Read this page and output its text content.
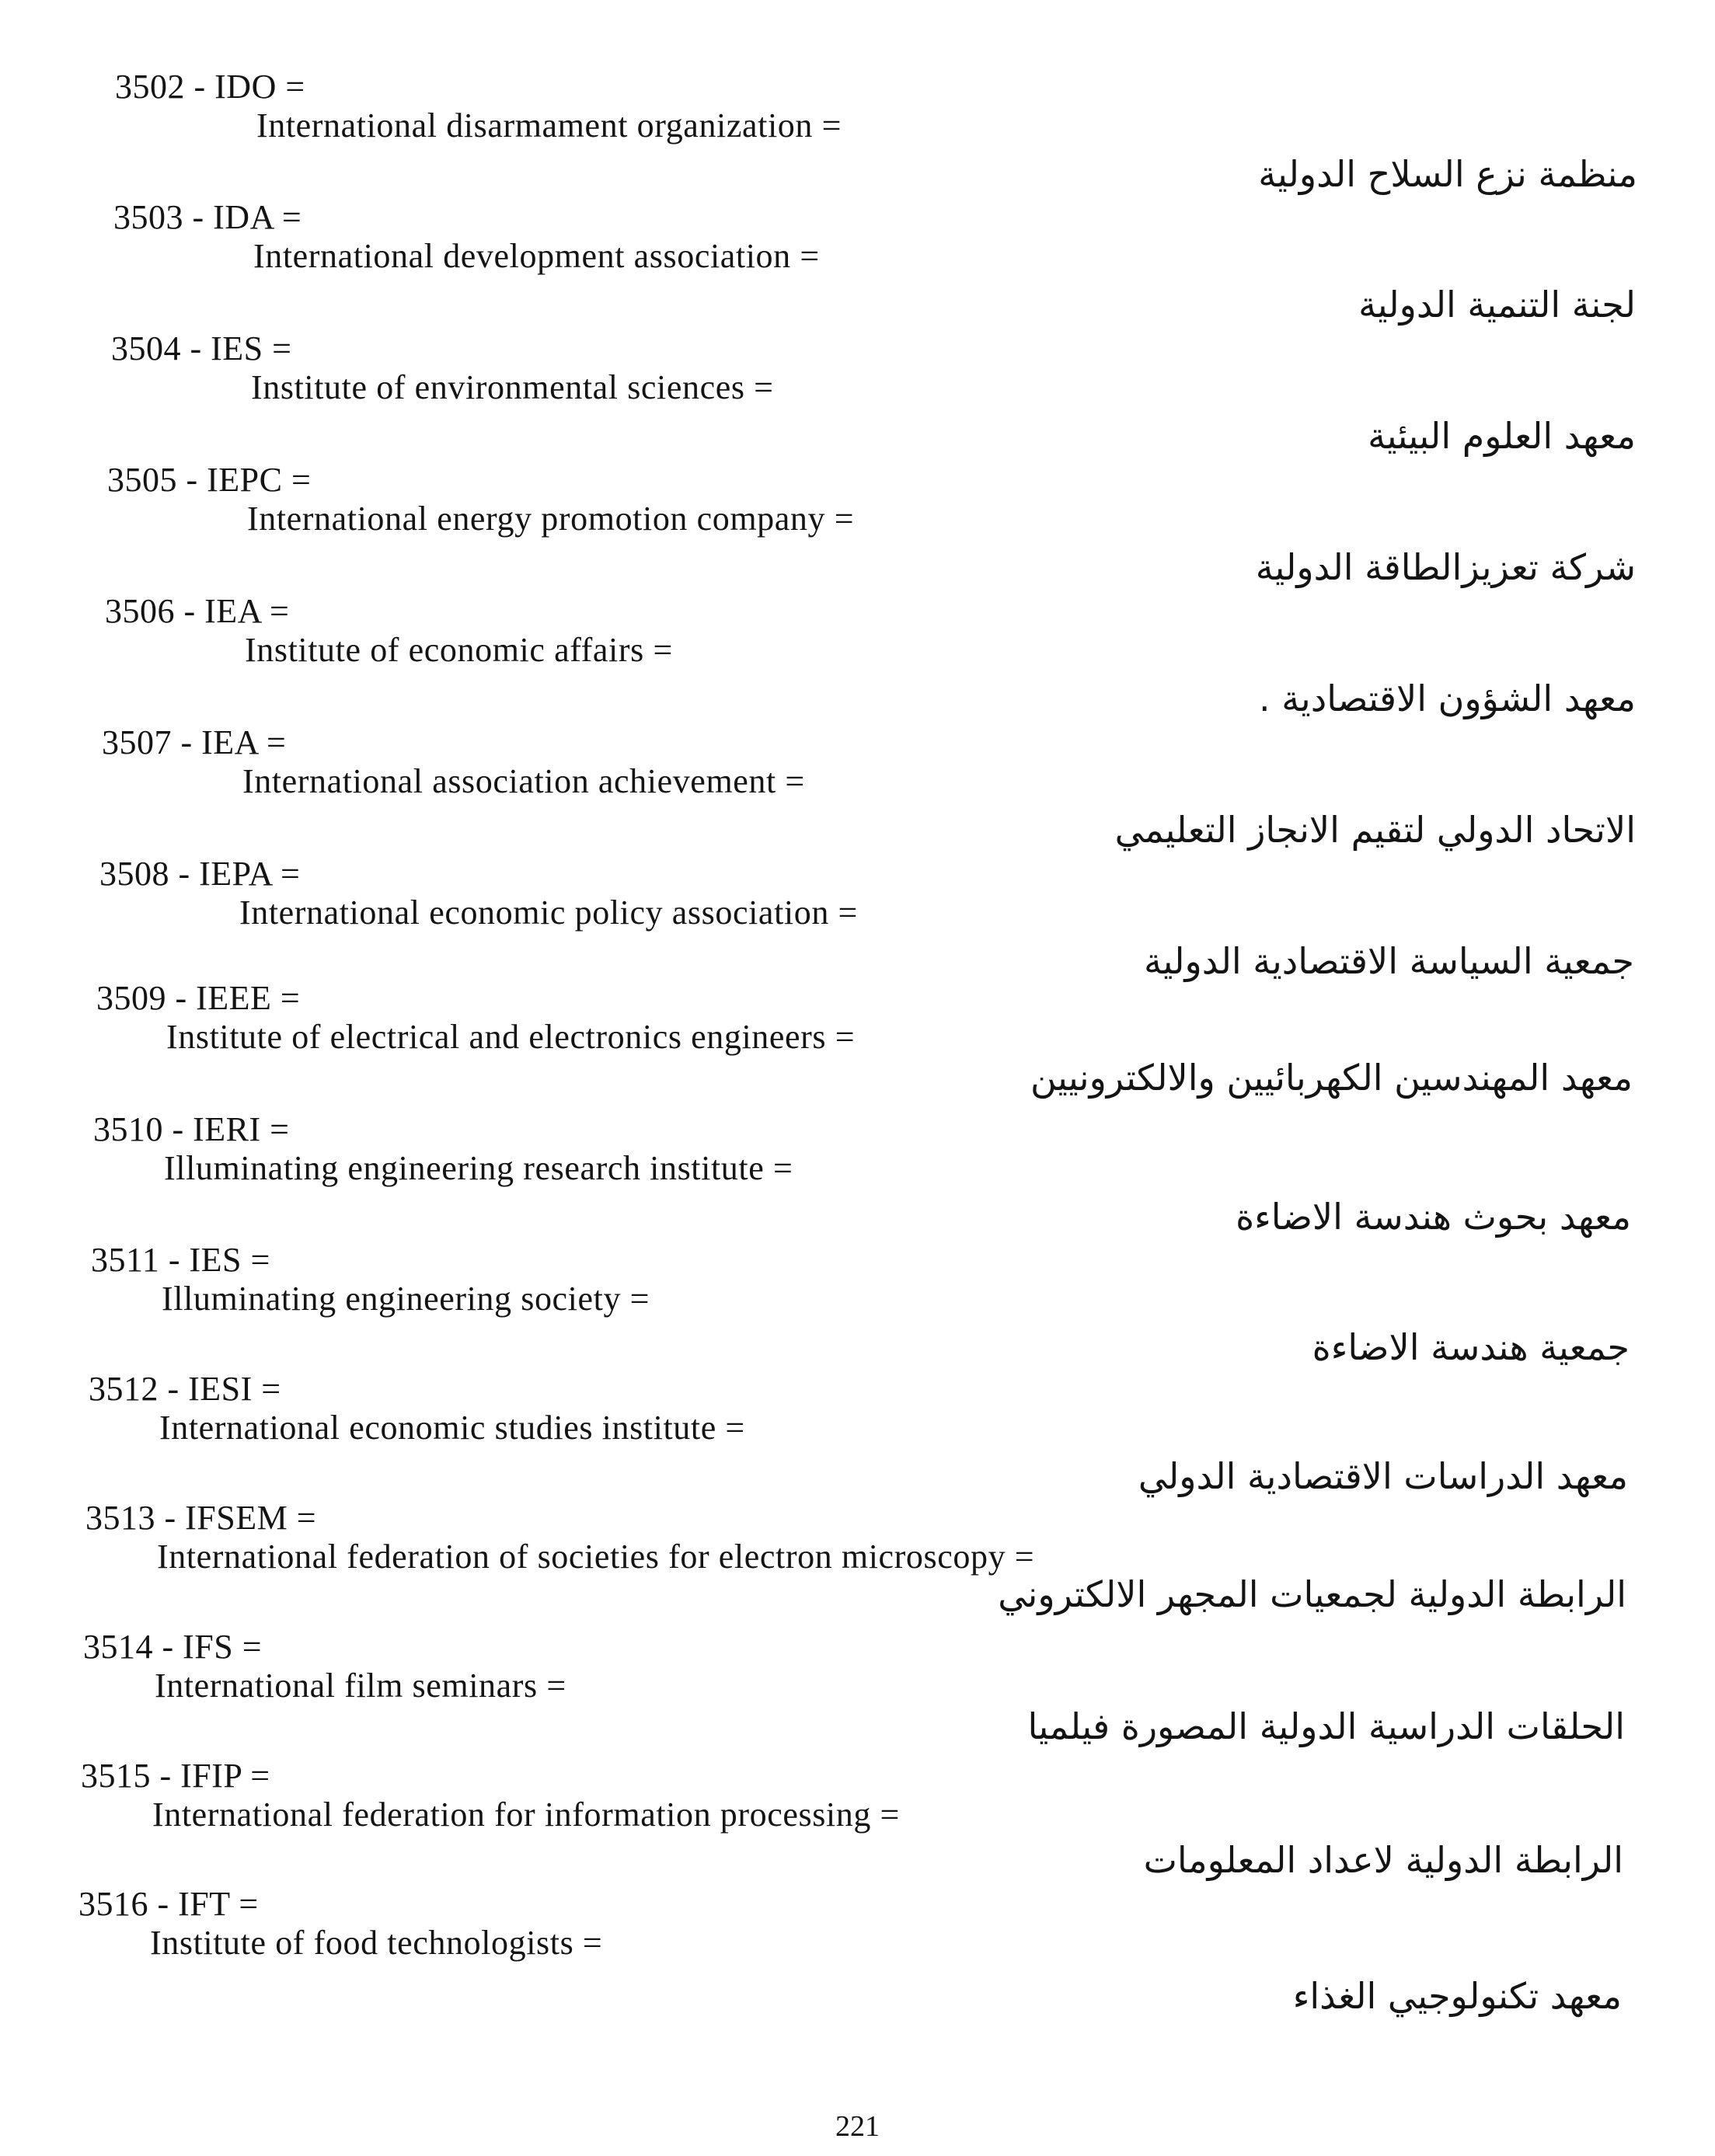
3502 - IDO =
International disarmament organization =
منظمة نزع السلاح الدولية
3503 - IDA =
International development association =
لجنة التنمية الدولية
3504 - IES =
Institute of environmental sciences =
معهد العلوم البيئية
3505 - IEPC =
International energy promotion company =
شركة تعزيزالطاقة الدولية
3506 - IEA =
Institute of economic affairs =
معهد الشؤون الاقتصادية .
3507 - IEA =
International association achievement =
الاتحاد الدولي لتقيم الانجاز التعليمي
3508 - IEPA =
International economic policy association =
جمعية السياسة الاقتصادية الدولية
3509 - IEEE =
Institute of electrical and electronics engineers =
معهد المهندسين الكهربائيين والالكترونيين
3510 - IERI =
Illuminating engineering research institute =
معهد بحوث هندسة الاضاءة
3511 - IES =
Illuminating engineering society =
جمعية هندسة الاضاءة
3512 - IESI =
International economic studies institute =
معهد الدراسات الاقتصادية الدولي
3513 - IFSEM =
International federation of societies for electron microscopy =
الرابطة الدولية لجمعيات المجهر الالكتروني
3514 - IFS =
International film seminars =
الحلقات الدراسية الدولية المصورة فيلميا
3515 - IFIP =
International federation for information processing =
الرابطة الدولية لاعداد المعلومات
3516 - IFT =
Institute of food technologists =
معهد تكنولوجيي الغذاء
221
